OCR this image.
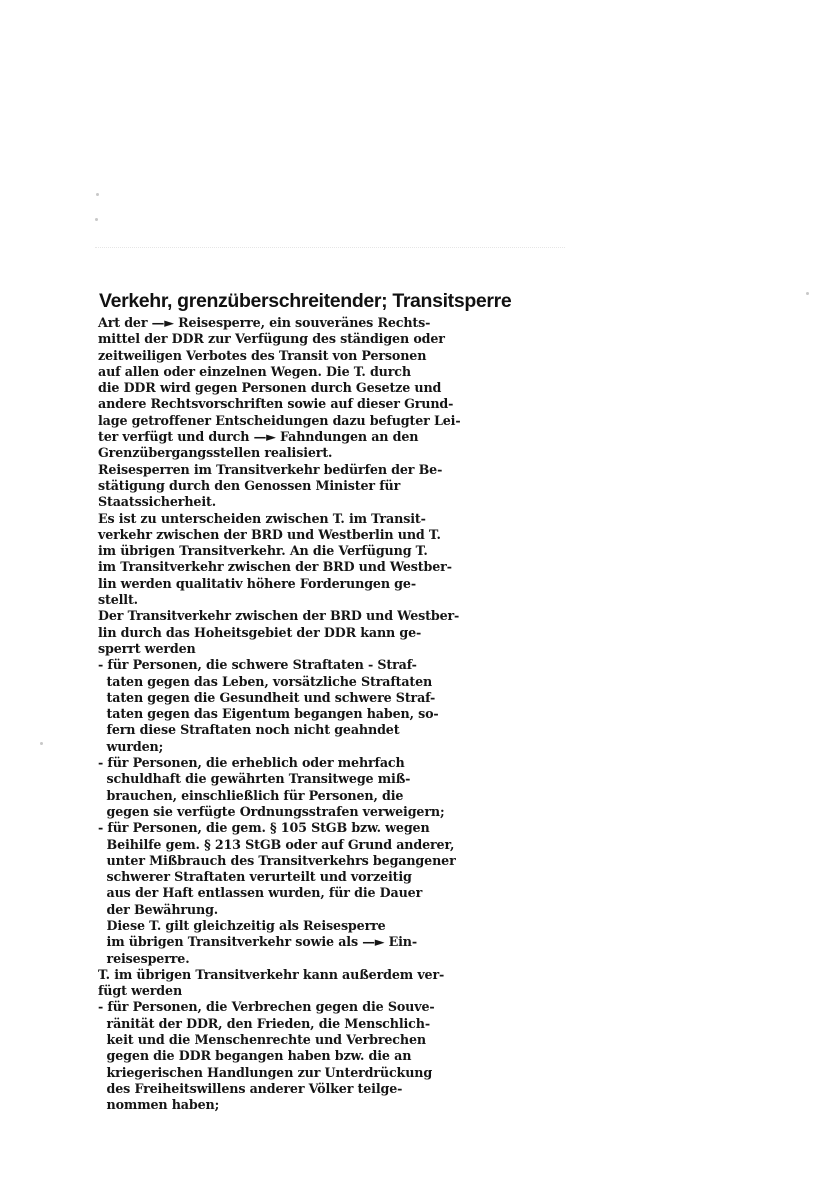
Verkehr, grenzüberschreitender; Transitsperre
Art der —► Reisesperre, ein souveränes Rechts-
mittel der DDR zur Verfügung des ständigen oder
zeitweiligen Verbotes des Transit von Personen
auf allen oder einzelnen Wegen. Die T. durch
die DDR wird gegen Personen durch Gesetze und
andere Rechtsvorschriften sowie auf dieser Grund-
lage getroffener Entscheidungen dazu befugter Lei-
ter verfügt und durch —► Fahndungen an den
Grenzübergangsstellen realisiert.
Reisesperren im Transitverkehr bedürfen der Be-
stätigung durch den Genossen Minister für
Staatssicherheit.
Es ist zu unterscheiden zwischen T. im Transit-
verkehr zwischen der BRD und Westberlin und T.
im übrigen Transitverkehr. An die Verfügung T.
im Transitverkehr zwischen der BRD und Westber-
lin werden qualitativ höhere Forderungen ge-
stellt.
Der Transitverkehr zwischen der BRD und Westber-
lin durch das Hoheitsgebiet der DDR kann ge-
sperrt werden
- für Personen, die schwere Straftaten - Straf-
taten gegen das Leben, vorsätzliche Straftaten
taten gegen die Gesundheit und schwere Straf-
taten gegen das Eigentum begangen haben, so-
fern diese Straftaten noch nicht geahndet
wurden;
- für Personen, die erheblich oder mehrfach
schuldhaft die gewährten Transitwege miß-
brauchen, einschließlich für Personen, die
gegen sie verfügte Ordnungsstrafen verweigern;
- für Personen, die gem. § 105 StGB bzw. wegen
Beihilfe gem. § 213 StGB oder auf Grund anderer,
unter Mißbrauch des Transitverkehrs begangener
schwerer Straftaten verurteilt und vorzeitig
aus der Haft entlassen wurden, für die Dauer
der Bewährung.
Diese T. gilt gleichzeitig als Reisesperre
im übrigen Transitverkehr sowie als —► Ein-
reisesperre.
T. im übrigen Transitverkehr kann außerdem ver-
fügt werden
- für Personen, die Verbrechen gegen die Souve-
ränität der DDR, den Frieden, die Menschlich-
keit und die Menschenrechte und Verbrechen
gegen die DDR begangen haben bzw. die an
kriegerischen Handlungen zur Unterdrückung
des Freiheitswillens anderer Völker teilge-
nommen haben;
